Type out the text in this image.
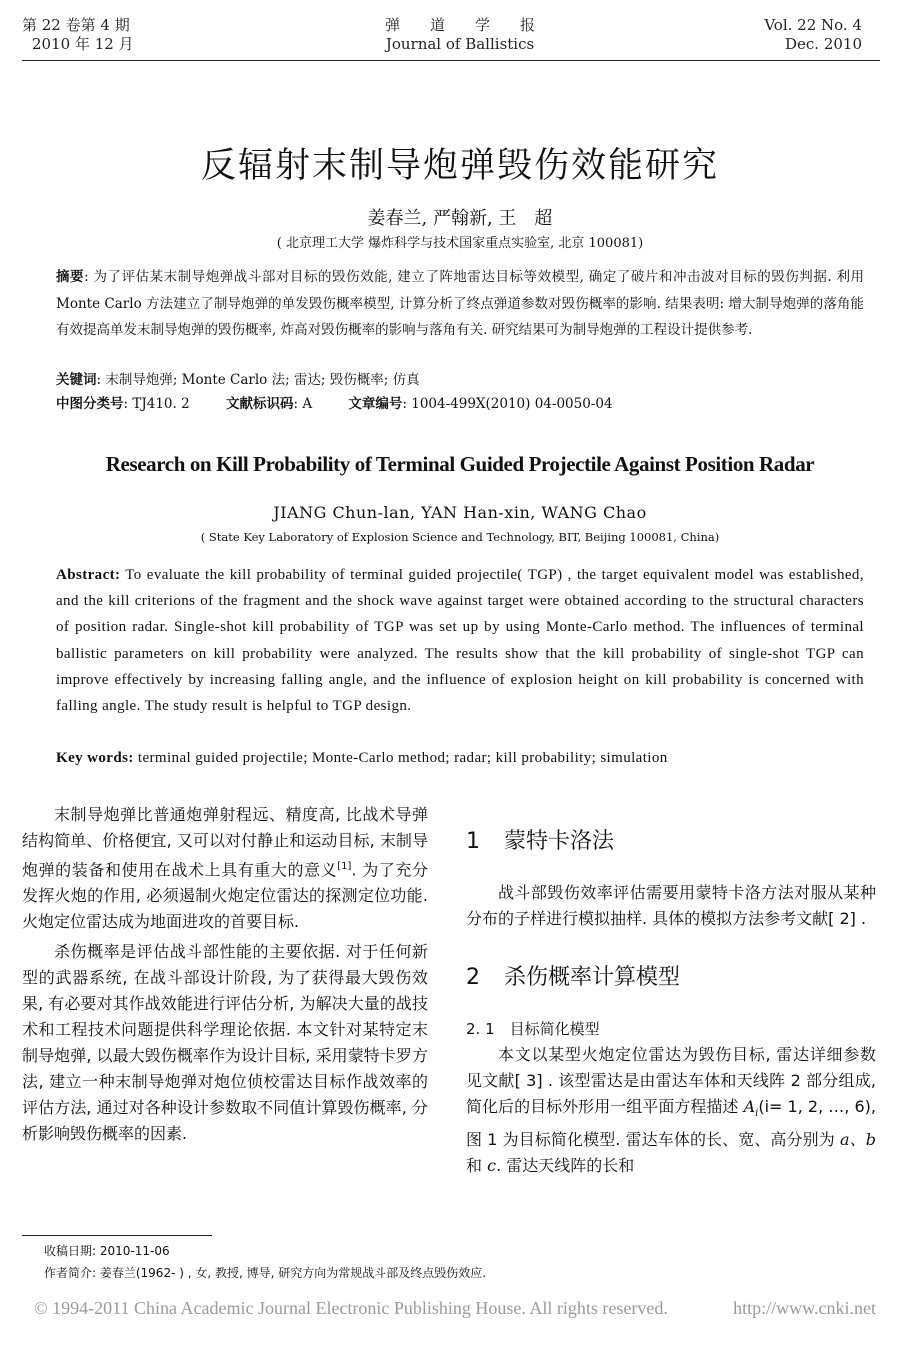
第 22 卷第 4 期
2010 年 12 月
弹　　道　　学　　报
Journal of Ballistics
Vol. 22 No. 4
Dec. 2010
反辐射末制导炮弹毁伤效能研究
姜春兰, 严翰新, 王　超
( 北京理工大学 爆炸科学与技术国家重点实验室, 北京 100081)
摘要: 为了评估某末制导炮弹战斗部对目标的毁伤效能, 建立了阵地雷达目标等效模型, 确定了破片和冲击波对目标的毁伤判据. 利用 Monte Carlo 方法建立了制导炮弹的单发毁伤概率模型, 计算分析了终点弹道参数对毁伤概率的影响. 结果表明: 增大制导炮弹的落角能有效提高单发末制导炮弹的毁伤概率, 炸高对毁伤概率的影响与落角有关. 研究结果可为制导炮弹的工程设计提供参考.
关键词: 末制导炮弹; Monte Carlo 法; 雷达; 毁伤概率; 仿真
中图分类号: TJ410. 2	文献标识码: A	文章编号: 1004-499X(2010) 04-0050-04
Research on Kill Probability of Terminal Guided Projectile Against Position Radar
JIANG Chun-lan, YAN Han-xin, WANG Chao
( State Key Laboratory of Explosion Science and Technology, BIT, Beijing 100081, China)
Abstract: To evaluate the kill probability of terminal guided projectile( TGP) , the target equivalent model was established, and the kill criterions of the fragment and the shock wave against target were obtained according to the structural characters of position radar. Single-shot kill probability of TGP was set up by using Monte-Carlo method. The influences of terminal ballistic parameters on kill probability were analyzed. The results show that the kill probability of single-shot TGP can improve effectively by increasing falling angle, and the influence of explosion height on kill probability is concerned with falling angle. The study result is helpful to TGP design.
Key words: terminal guided projectile; Monte-Carlo method; radar; kill probability; simulation

末制导炮弹比普通炮弹射程远、精度高, 比战术导弹结构简单、价格便宜, 又可以对付静止和运动目标, 末制导炮弹的装备和使用在战术上具有重大的意义[1]. 为了充分发挥火炮的作用, 必须遏制火炮定位雷达的探测定位功能. 火炮定位雷达成为地面进攻的首要目标.

杀伤概率是评估战斗部性能的主要依据. 对于任何新型的武器系统, 在战斗部设计阶段, 为了获得最大毁伤效果, 有必要对其作战效能进行评估分析, 为解决大量的战技术和工程技术问题提供科学理论依据. 本文针对某特定末制导炮弹, 以最大毁伤概率作为设计目标, 采用蒙特卡罗方法, 建立一种末制导炮弹对炮位侦校雷达目标作战效率的评估方法, 通过对各种设计参数取不同值计算毁伤概率, 分析影响毁伤概率的因素.

1 蒙特卡洛法

战斗部毁伤效率评估需要用蒙特卡洛方法对服从某种分布的子样进行模拟抽样. 具体的模拟方法参考文献[ 2] .

2 杀伤概率计算模型
2. 1　目标简化模型

本文以某型火炮定位雷达为毁伤目标, 雷达详细参数见文献[ 3] . 该型雷达是由雷达车体和天线阵 2 部分组成, 简化后的目标外形用一组平面方程描述 $A_i(i= 1$, 2, …, 6), 图 1 为目标简化模型. 雷达车体的长、宽、高分别为 a、b 和 c. 雷达天线阵的长和

收稿日期: 2010-11-06
作者简介: 姜春兰(1962- ) , 女, 教授, 博导, 研究方向为常规战斗部及终点毁伤效应.
© 1994-2011 China Academic Journal Electronic Publishing House. All rights reserved.	http://www.cnki.net
